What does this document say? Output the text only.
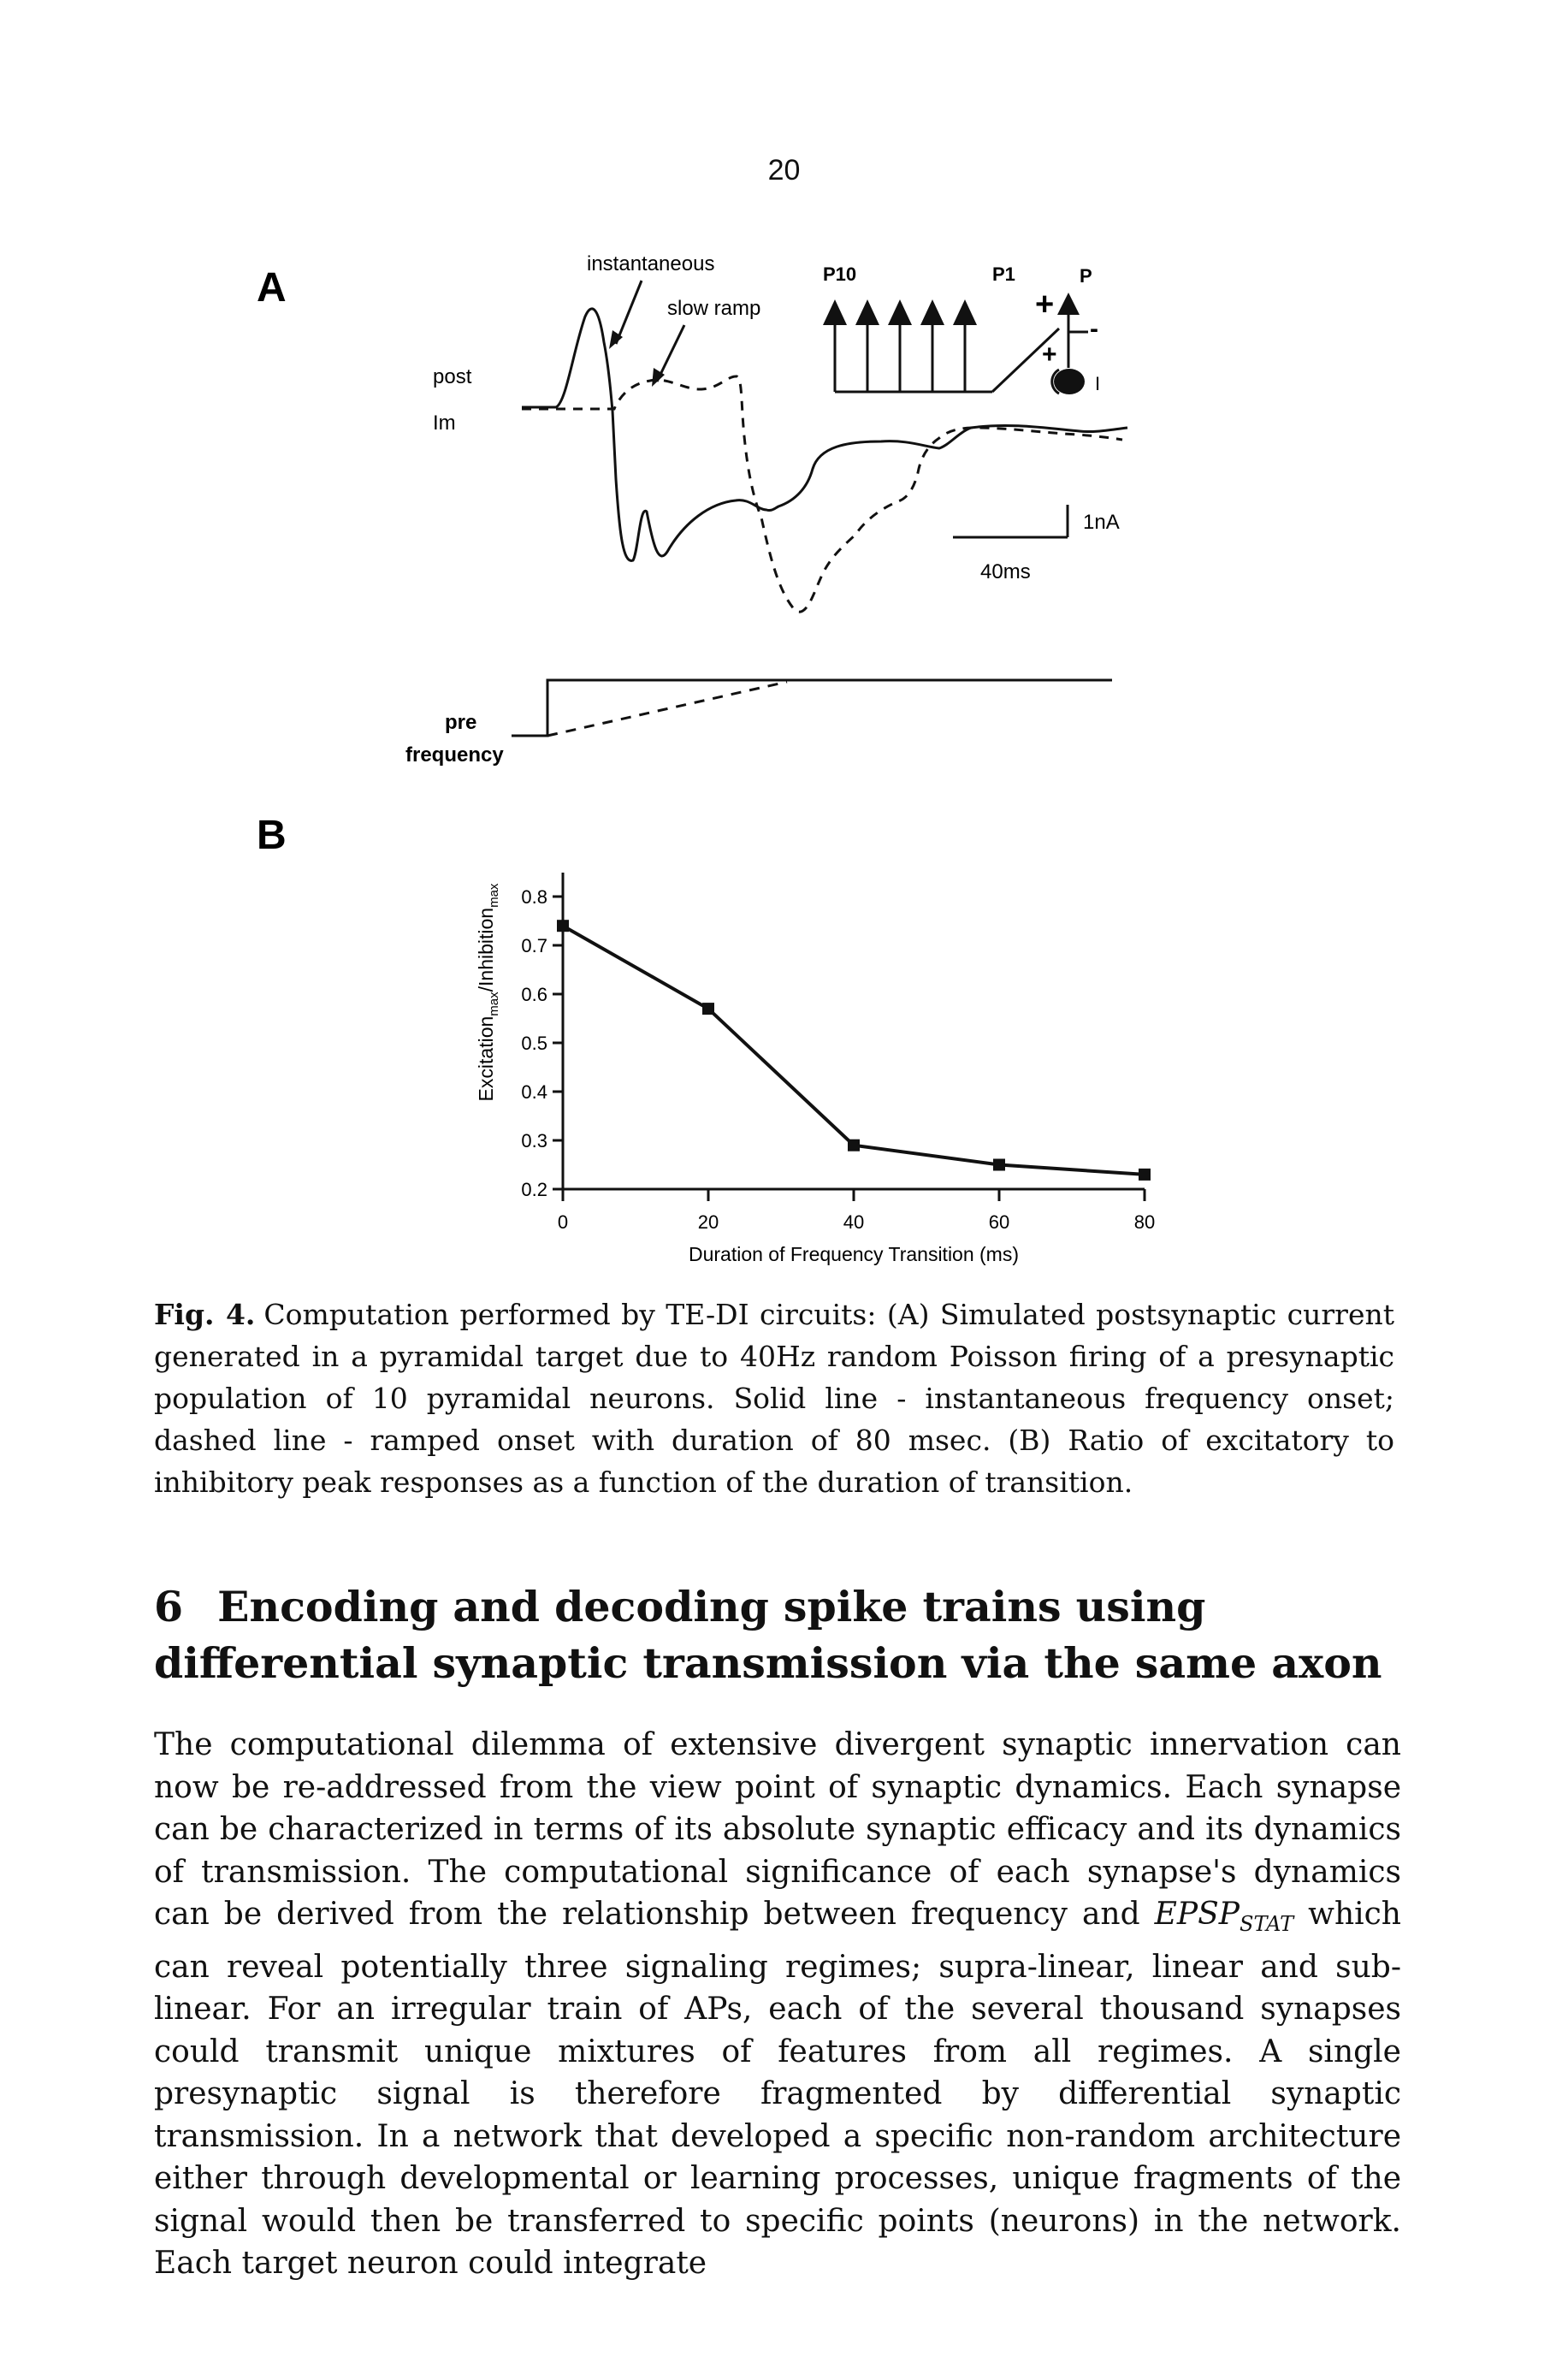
20
A
post
Im
instantaneous
slow ramp
P10	P1	P
+
-
+
I
1nA
40ms
pre
frequency
B
0.2
0.3
0.4
0.5
0.6
0.7
0.8
0	20	40	60	80
Duration of Frequency Transition (ms)
Excitation$_{max}$/Inhibition$_{max}$
Fig. 4. Computation performed by TE-DI circuits: (A) Simulated postsynaptic current generated in a pyramidal target due to 40Hz random Poisson firing of a presynaptic population of 10 pyramidal neurons. Solid line - instantaneous frequency onset; dashed line - ramped onset with duration of 80 msec. (B) Ratio of excitatory to inhibitory peak responses as a function of the duration of transition.
6 Encoding and decoding spike trains using differential synaptic transmission via the same axon
The computational dilemma of extensive divergent synaptic innervation can now be re-addressed from the view point of synaptic dynamics. Each synapse can be characterized in terms of its absolute synaptic efficacy and its dynamics of transmission. The computational significance of each synapse's dynamics can be derived from the relationship between frequency and $EPSP_{STAT}$ which can reveal potentially three signaling regimes; supra-linear, linear and sub-linear. For an irregular train of APs, each of the several thousand synapses could transmit unique mixtures of features from all regimes. A single presynaptic signal is therefore fragmented by differential synaptic transmission. In a network that developed a specific non-random architecture either through developmental or learning processes, unique fragments of the signal would then be transferred to specific points (neurons) in the network. Each target neuron could integrate
